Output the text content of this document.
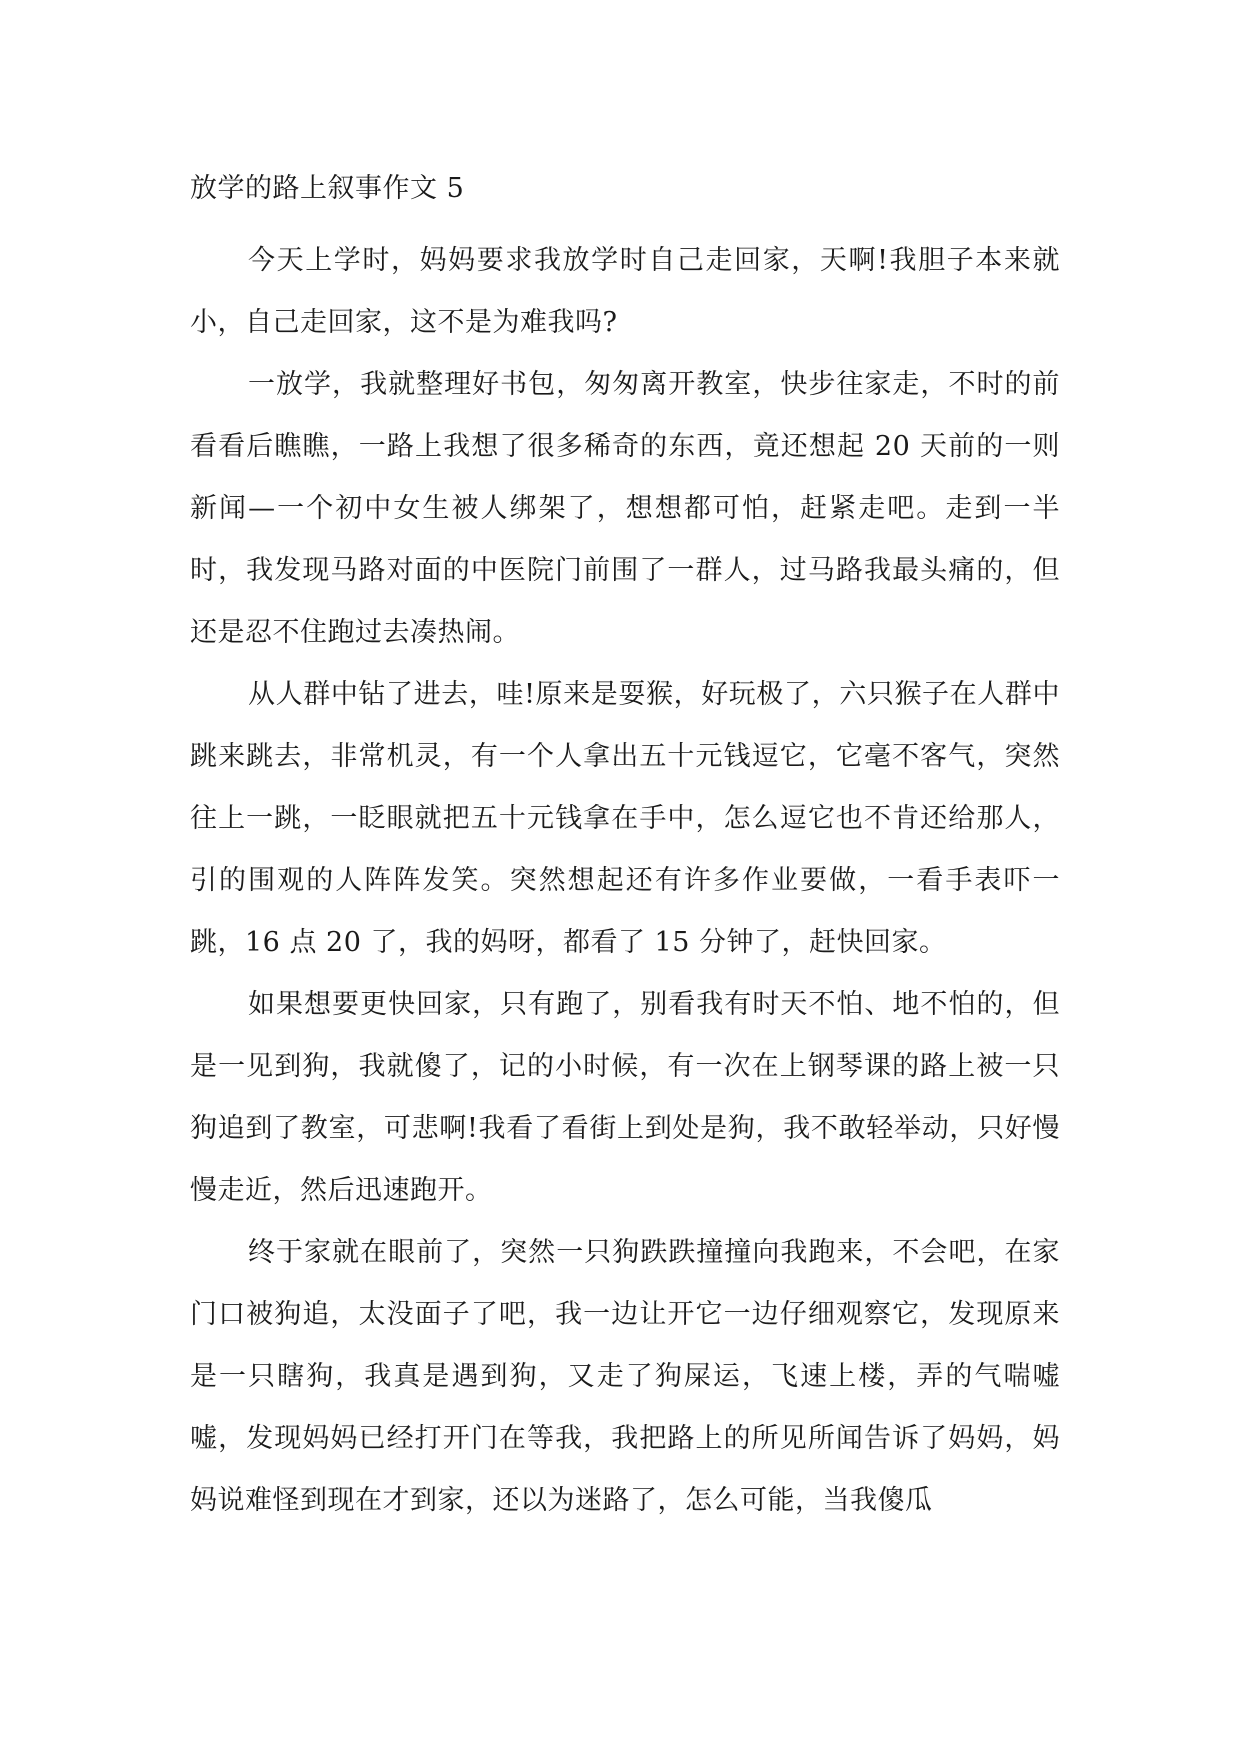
放学的路上叙事作文 5

今天上学时，妈妈要求我放学时自己走回家，天啊!我胆子本来就小，自己走回家，这不是为难我吗?

一放学，我就整理好书包，匆匆离开教室，快步往家走，不时的前看看后瞧瞧，一路上我想了很多稀奇的东西，竟还想起 20 天前的一则新闻—一个初中女生被人绑架了，想想都可怕，赶紧走吧。走到一半时，我发现马路对面的中医院门前围了一群人，过马路我最头痛的，但还是忍不住跑过去凑热闹。

从人群中钻了进去，哇!原来是耍猴，好玩极了，六只猴子在人群中跳来跳去，非常机灵，有一个人拿出五十元钱逗它，它毫不客气，突然往上一跳，一眨眼就把五十元钱拿在手中，怎么逗它也不肯还给那人，引的围观的人阵阵发笑。突然想起还有许多作业要做，一看手表吓一跳，16 点 20 了，我的妈呀，都看了 15 分钟了，赶快回家。

如果想要更快回家，只有跑了，别看我有时天不怕、地不怕的，但是一见到狗，我就傻了，记的小时候，有一次在上钢琴课的路上被一只狗追到了教室，可悲啊!我看了看街上到处是狗，我不敢轻举动，只好慢慢走近，然后迅速跑开。

终于家就在眼前了，突然一只狗跌跌撞撞向我跑来，不会吧，在家门口被狗追，太没面子了吧，我一边让开它一边仔细观察它，发现原来是一只瞎狗，我真是遇到狗，又走了狗屎运，飞速上楼，弄的气喘嘘嘘，发现妈妈已经打开门在等我，我把路上的所见所闻告诉了妈妈，妈妈说难怪到现在才到家，还以为迷路了，怎么可能，当我傻瓜
